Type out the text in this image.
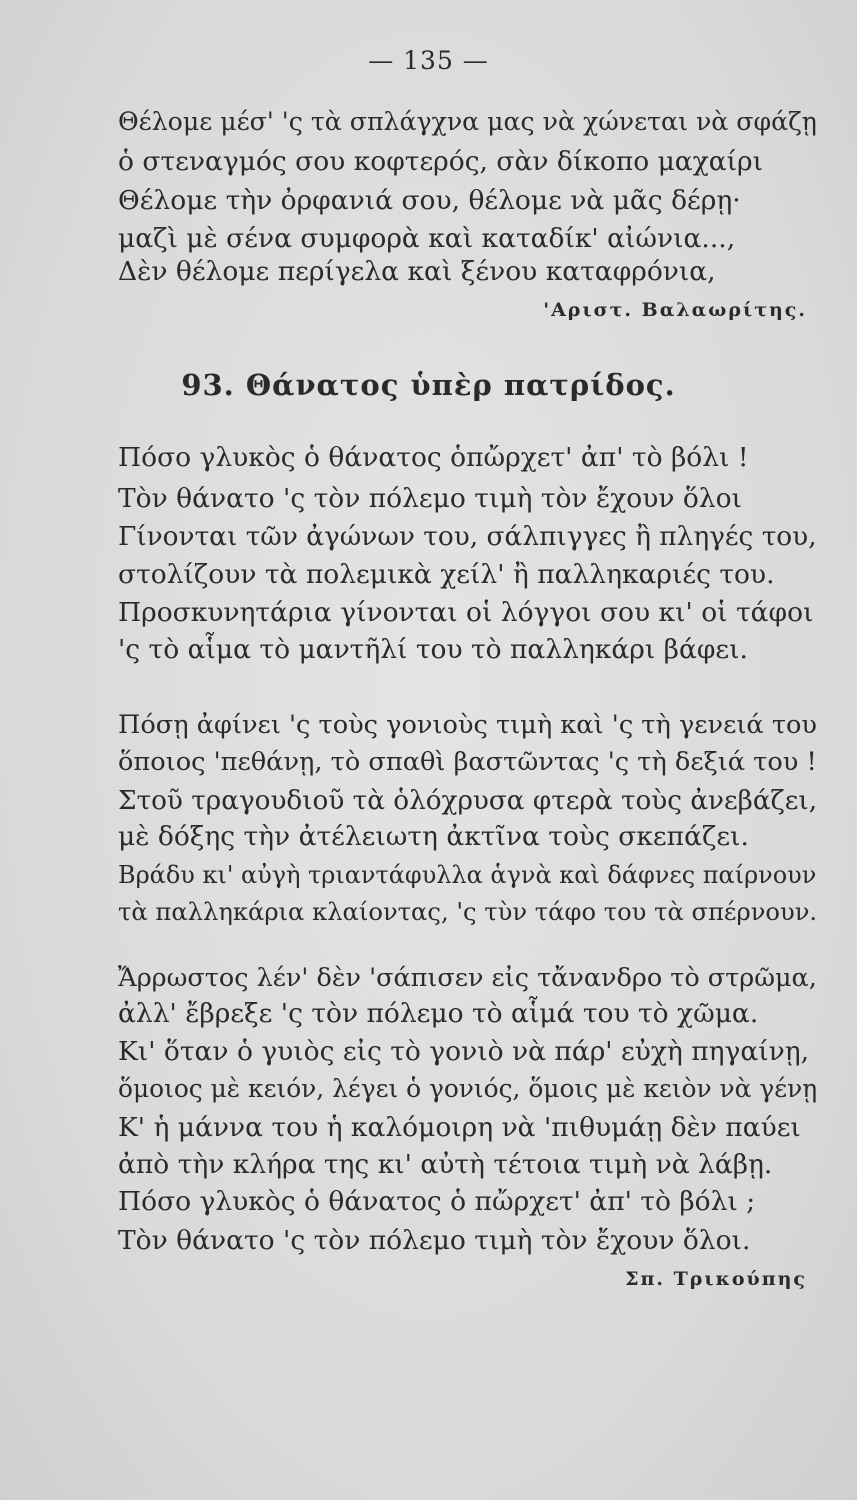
— 135 —
Θέλομε μέσ' 'ς τὰ σπλάγχνα μας νὰ χώνεται νὰ σφάζῃ
ὁ στεναγμός σου κοφτερός, σὰν δίκοπο μαχαίρι
Θέλομε τὴν ὀρφανιά σου, θέλομε νὰ μᾶς δέρῃ·
μαζὶ μὲ σένα συμφορὰ καὶ καταδίκ' αἰώνια...,
Δὲν θέλομε περίγελα καὶ ξένου καταφρόνια,
'Αριστ. Βαλαωρίτης.
93. Θάνατος ὑπὲρ πατρίδος.
Πόσο γλυκὸς ὁ θάνατος ὁπὤρχετ' ἀπ' τὸ βόλι !
Τὸν θάνατο 'ς τὸν πόλεμο τιμὴ τὸν ἔχουν ὅλοι
Γίνονται τῶν ἀγώνων του, σάλπιγγες ἢ πληγές του,
στολίζουν τὰ πολεμικὰ χείλ' ἢ παλληκαριές του.
Προσκυνητάρια γίνονται οἱ λόγγοι σου κι' οἱ τάφοι
'ς τὸ αἷμα τὸ μαντῆλί του τὸ παλληκάρι βάφει.
Πόσῃ ἀφίνει 'ς τοὺς γονιοὺς τιμὴ καὶ 'ς τὴ γενειά του
ὅποιος 'πεθάνῃ, τὸ σπαθὶ βαστῶντας 'ς τὴ δεξιά του !
Στοῦ τραγουδιοῦ τὰ ὁλόχρυσα φτερὰ τοὺς ἀνεβάζει,
μὲ δόξης τὴν ἀτέλειωτη ἀκτῖνα τοὺς σκεπάζει.
Βράδυ κι' αὐγὴ τριαντάφυλλα ἁγνὰ καὶ δάφνες παίρνουν
τὰ παλληκάρια κλαίοντας, 'ς τὺν τάφο του τὰ σπέρνουν.
Ἄρρωστος λέν' δὲν 'σάπισεν εἰς τἄνανδρο τὸ στρῶμα,
ἀλλ' ἔβρεξε 'ς τὸν πόλεμο τὸ αἷμά του τὸ χῶμα.
Κι' ὅταν ὁ γυιὸς εἰς τὸ γονιὸ νὰ πάρ' εὐχὴ πηγαίνῃ,
ὅμοιος μὲ κειόν, λέγει ὁ γονιός, ὅμοις μὲ κειὸν νὰ γένῃ
Κ' ἡ μάννα του ἡ καλόμοιρη νὰ 'πιθυμάῃ δὲν παύει
ἀπὸ τὴν κλήρα της κι' αὐτὴ τέτοια τιμὴ νὰ λάβῃ.
Πόσο γλυκὸς ὁ θάνατος ὁ πὤρχετ' ἀπ' τὸ βόλι ;
Τὸν θάνατο 'ς τὸν πόλεμο τιμὴ τὸν ἔχουν ὅλοι.
Σπ. Τρικούπης
